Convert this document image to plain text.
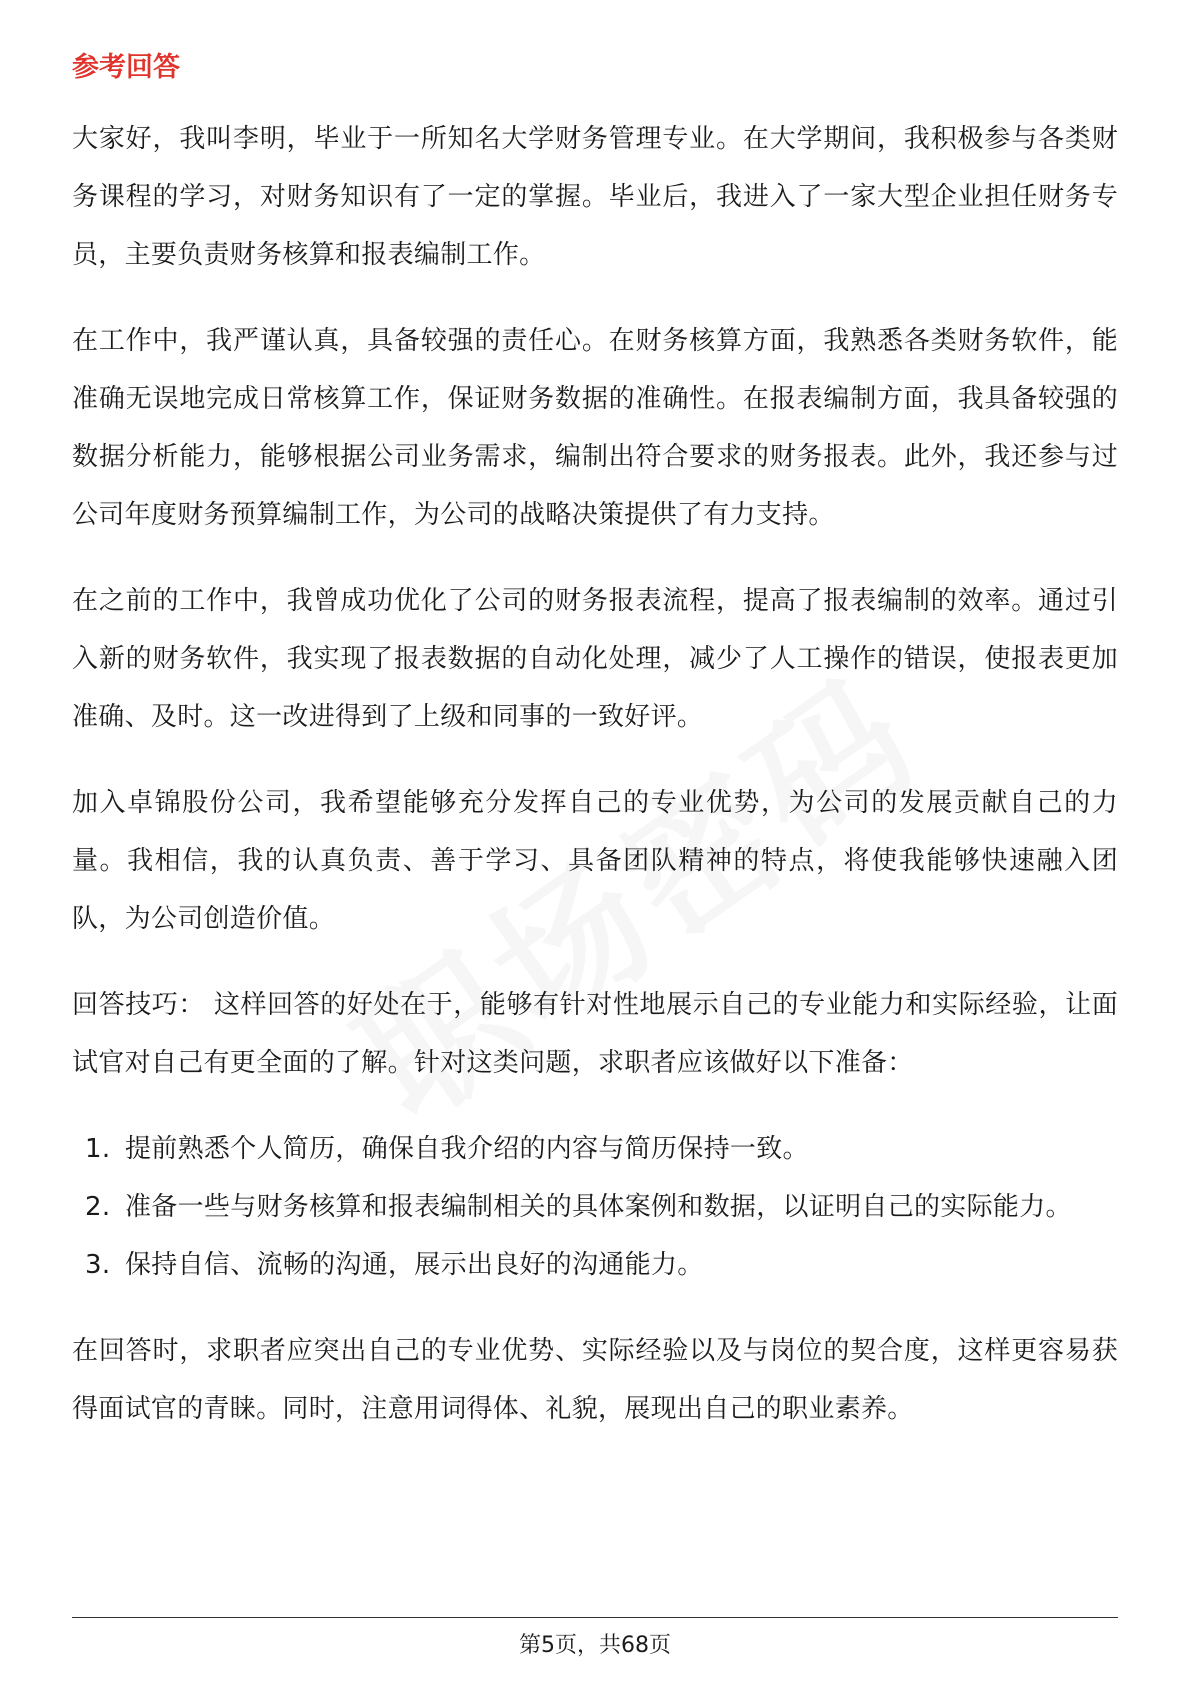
参考回答

大家好，我叫李明，毕业于一所知名大学财务管理专业。在大学期间，我积极参与各类财务课程的学习，对财务知识有了一定的掌握。毕业后，我进入了一家大型企业担任财务专员，主要负责财务核算和报表编制工作。

在工作中，我严谨认真，具备较强的责任心。在财务核算方面，我熟悉各类财务软件，能准确无误地完成日常核算工作，保证财务数据的准确性。在报表编制方面，我具备较强的数据分析能力，能够根据公司业务需求，编制出符合要求的财务报表。此外，我还参与过公司年度财务预算编制工作，为公司的战略决策提供了有力支持。

在之前的工作中，我曾成功优化了公司的财务报表流程，提高了报表编制的效率。通过引入新的财务软件，我实现了报表数据的自动化处理，减少了人工操作的错误，使报表更加准确、及时。这一改进得到了上级和同事的一致好评。

加入卓锦股份公司，我希望能够充分发挥自己的专业优势，为公司的发展贡献自己的力量。我相信，我的认真负责、善于学习、具备团队精神的特点，将使我能够快速融入团队，为公司创造价值。

回答技巧： 这样回答的好处在于，能够有针对性地展示自己的专业能力和实际经验，让面试官对自己有更全面的了解。针对这类问题，求职者应该做好以下准备：

1. 提前熟悉个人简历，确保自我介绍的内容与简历保持一致。
2. 准备一些与财务核算和报表编制相关的具体案例和数据，以证明自己的实际能力。
3. 保持自信、流畅的沟通，展示出良好的沟通能力。

在回答时，求职者应突出自己的专业优势、实际经验以及与岗位的契合度，这样更容易获得面试官的青睐。同时，注意用词得体、礼貌，展现出自己的职业素养。

第5页，共68页
